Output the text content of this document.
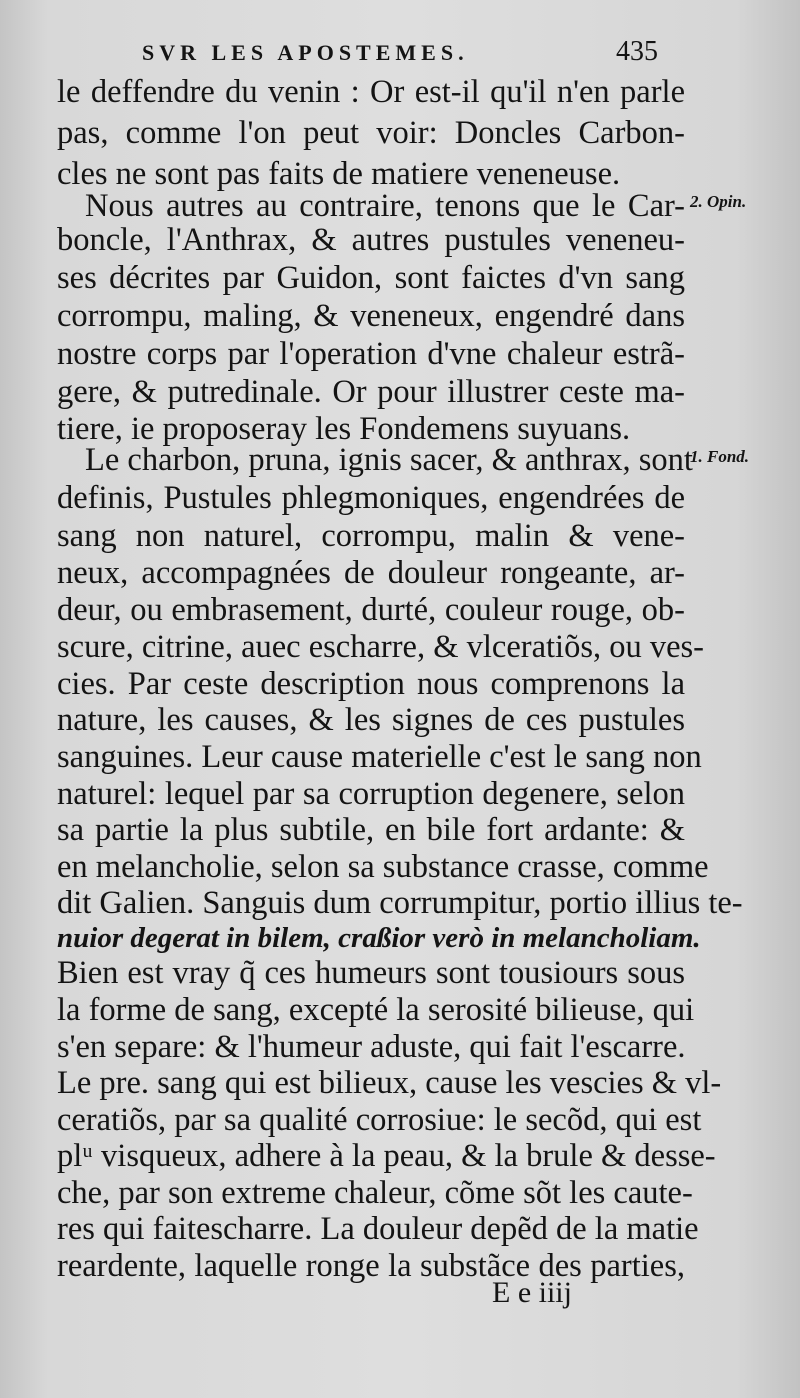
SVR LES APOSTEMES.	435
le deffendre du venin : Or est-il qu'il n'en parle
pas, comme l'on peut voir: Doncles Carbon-
cles ne sont pas faits de matiere veneneuse.
Nous autres au contraire, tenons que le Car-
boncle, l'Anthrax, & autres pustules veneneu-
ses décrites par Guidon, sont faictes d'vn sang
corrompu, maling, & veneneux, engendré dans
nostre corps par l'operation d'vne chaleur estrã-
gere, & putredinale. Or pour illustrer ceste ma-
tiere, ie proposeray les Fondemens suyuans.
Le charbon, pruna, ignis sacer, & anthrax, sont
definis, Pustules phlegmoniques, engendrées de
sang non naturel, corrompu, malin & vene-
neux, accompagnées de douleur rongeante, ar-
deur, ou embrasement, durté, couleur rouge, ob-
scure, citrine, auec escharre, & vlceratiõs, ou ves-
cies. Par ceste description nous comprenons la
nature, les causes, & les signes de ces pustules
sanguines. Leur cause materielle c'est le sang non
naturel: lequel par sa corruption degenere, selon
sa partie la plus subtile, en bile fort ardante: &
en melancholie, selon sa substance crasse, comme
dit Galien. Sanguis dum corrumpitur, portio illius te-
nuior degerat in bilem, craßior verò in melancholiam.
Bien est vray q̃ ces humeurs sont tousiours sous
la forme de sang, excepté la serosité bilieuse, qui
s'en separe: & l'humeur aduste, qui fait l'escarre.
Le pre. sang qui est bilieux, cause les vescies & vl-
ceratiõs, par sa qualité corrosiue: le secõd, qui est
plᵘ visqueux, adhere à la peau, & la brule & desse-
che, par son extreme chaleur, cõme sõt les caute-
res qui faitescharre. La douleur depẽd de la matie
reardente, laquelle ronge la substãce des parties,
2. Opin.
1. Fond.
E e iiij
